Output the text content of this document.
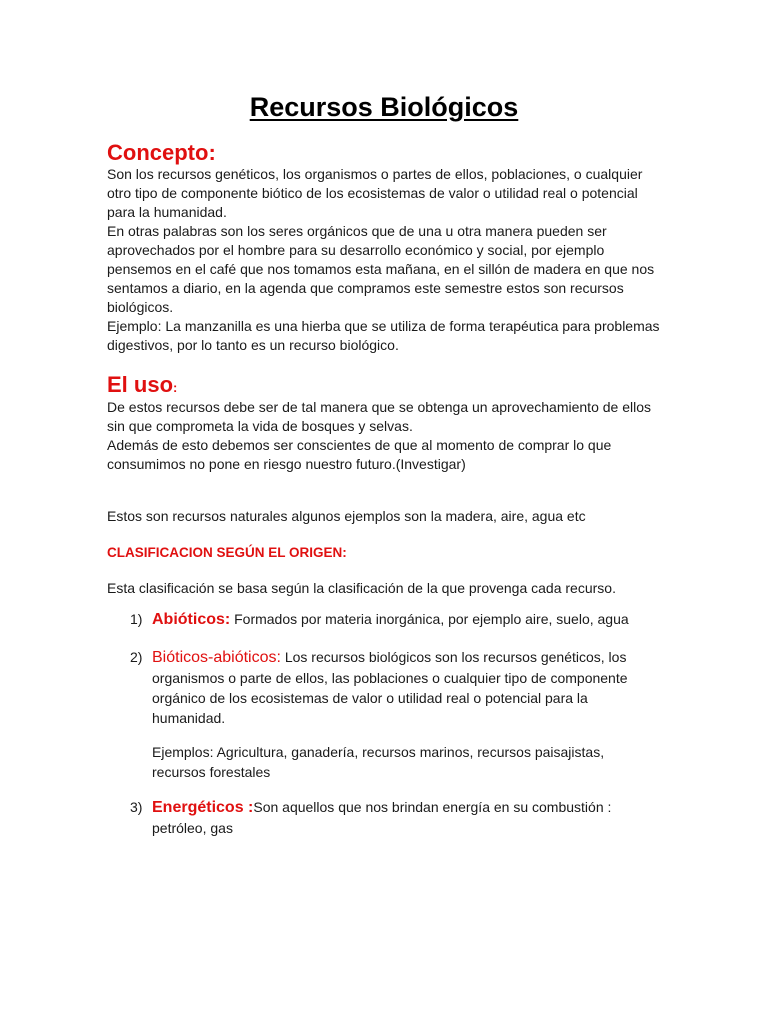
Recursos Biológicos
Concepto:

Son los recursos genéticos, los organismos o partes de ellos, poblaciones, o cualquier otro tipo de componente biótico de los ecosistemas de valor o utilidad real o potencial para la humanidad.

En otras palabras son los seres orgánicos que de una u otra manera pueden ser aprovechados por el hombre para su desarrollo económico y social, por ejemplo pensemos en el café que nos tomamos esta mañana, en el sillón de madera en que nos sentamos a diario, en la agenda que compramos este semestre estos son recursos biológicos.

Ejemplo: La manzanilla es una hierba que se utiliza de forma terapéutica para problemas digestivos, por lo tanto es un recurso biológico.

El uso:

De estos recursos debe ser de tal manera que se obtenga un aprovechamiento de ellos sin que comprometa la vida de bosques y selvas.

Además de esto debemos ser conscientes de que al momento de comprar lo que consumimos no pone en riesgo nuestro futuro.(Investigar)

Estos son recursos naturales algunos ejemplos son la madera, aire, agua etc

CLASIFICACION SEGÚN EL ORIGEN:

Esta clasificación se basa según la clasificación de la que provenga cada recurso.

1) Abióticos: Formados por materia inorgánica, por ejemplo aire, suelo, agua
2) Bióticos-abióticos: Los recursos biológicos son los recursos genéticos, los organismos o parte de ellos, las poblaciones o cualquier tipo de componente orgánico de los ecosistemas de valor o utilidad real o potencial para la humanidad.
Ejemplos: Agricultura, ganadería, recursos marinos, recursos paisajistas, recursos forestales
3) Energéticos :Son aquellos que nos brindan energía en su combustión : petróleo, gas
